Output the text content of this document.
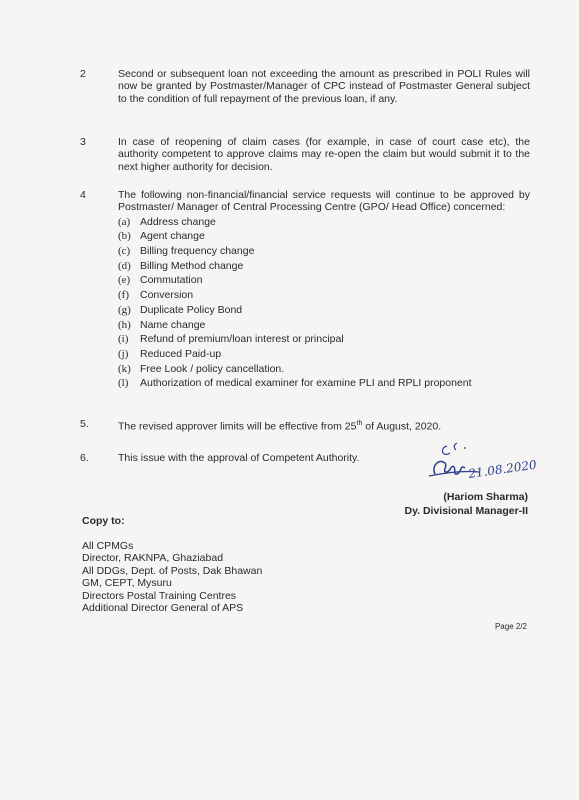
2	Second or subsequent loan not exceeding the amount as prescribed in POLI Rules will now be granted by Postmaster/Manager of CPC instead of Postmaster General subject to the condition of full repayment of the previous loan, if any.
3	In case of reopening of claim cases (for example, in case of court case etc), the authority competent to approve claims may re-open the claim but would submit it to the next higher authority for decision.
4	The following non-financial/financial service requests will continue to be approved by Postmaster/ Manager of Central Processing Centre (GPO/ Head Office) concerned:
(a) Address change
(b) Agent change
(c) Billing frequency change
(d) Billing Method change
(e) Commutation
(f) Conversion
(g) Duplicate Policy Bond
(h) Name change
(i) Refund of premium/loan interest or principal
(j) Reduced Paid-up
(k) Free Look / policy cancellation.
(l) Authorization of medical examiner for examine PLI and RPLI proponent
5.	The revised approver limits will be effective from 25th of August, 2020.
6.	This issue with the approval of Competent Authority.	21.08.2020
(Hariom Sharma)
Dy. Divisional Manager-II
Copy to:
All CPMGs
Director, RAKNPA, Ghaziabad
All DDGs, Dept. of Posts, Dak Bhawan
GM, CEPT, Mysuru
Directors Postal Training Centres
Additional Director General of APS
Page 2/2
